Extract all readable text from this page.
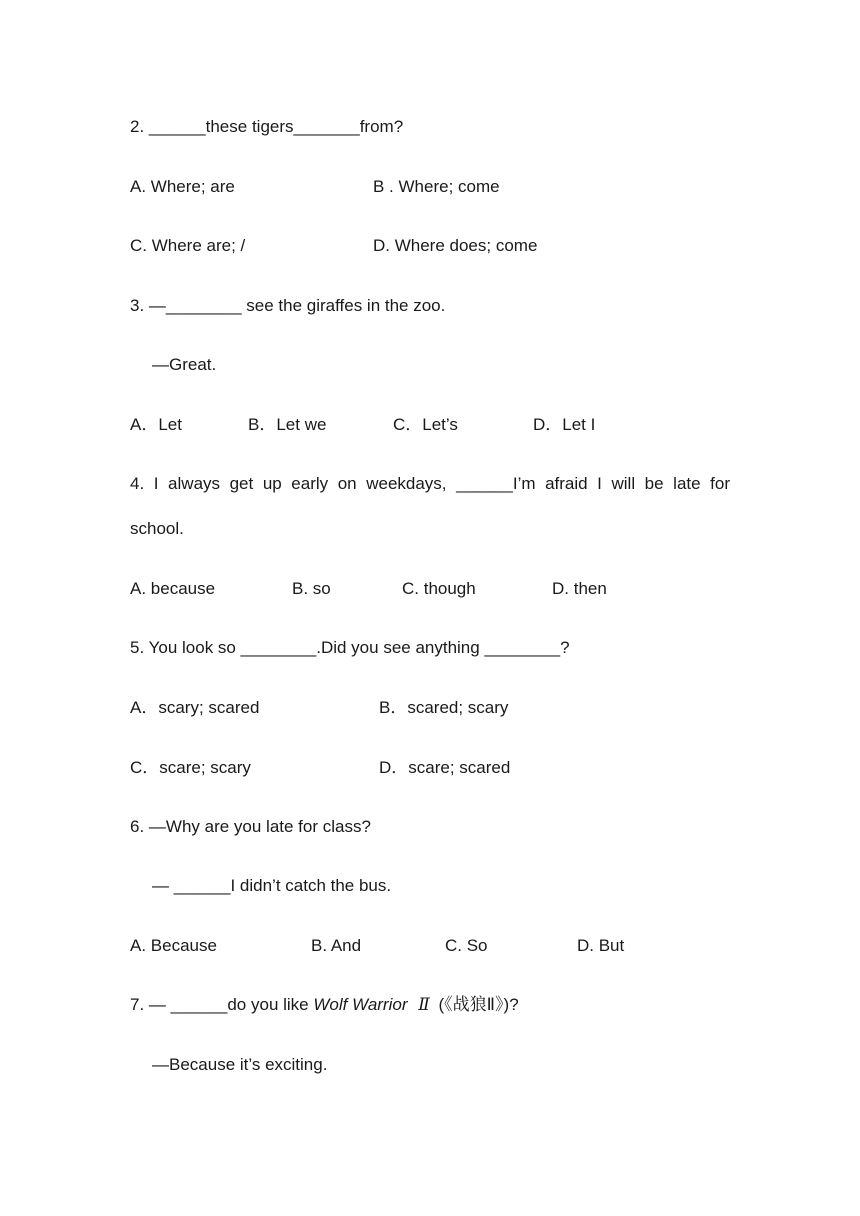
2. ______these tigers_______from?
A. Where; are	B . Where; come
C. Where are; /	D. Where does; come
3. —________ see the giraffes in the zoo.
—Great.
A．Let	B．Let we	C．Let’s	D．Let I
4. I always get up early on weekdays, ______I’m afraid I will be late for
school.
A. because	B. so	C. though	D. then
5. You look so ________.Did you see anything ________?
A．scary; scared	B．scared; scary
C．scare; scary	D．scare; scared
6. —Why are you late for class?
— ______I didn’t catch the bus.
A. Because	B. And	C. So	D. But
7. — ______do you like Wolf Warrior Ⅱ (《战狼Ⅱ》)?
—Because it’s exciting.
